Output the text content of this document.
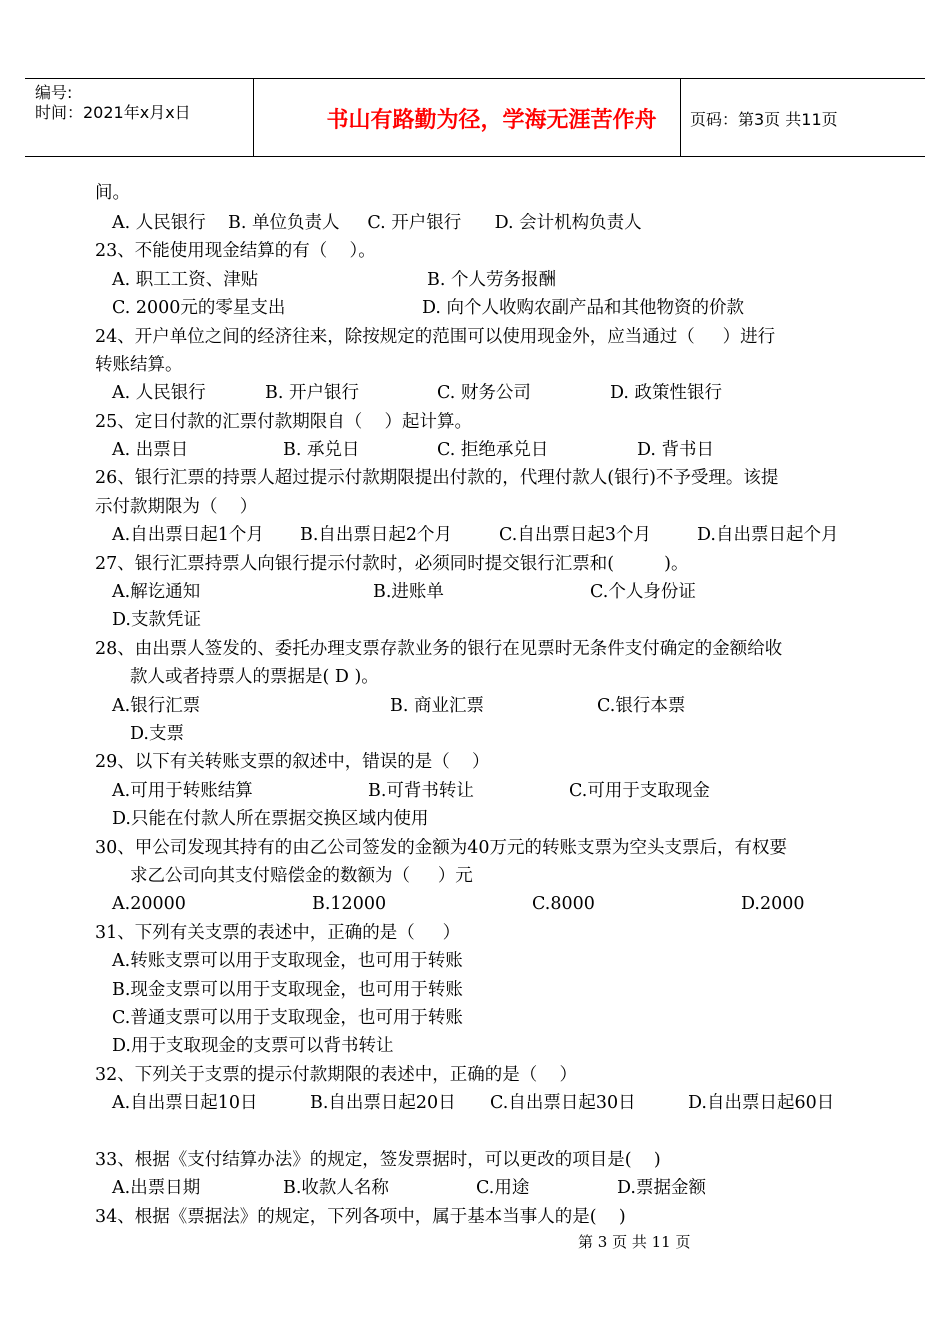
编号:
时间：2021年x月x日	书山有路勤为径，学海无涯苦作舟	页码：第3页 共11页
间。
A. 人民银行    B. 单位负责人     C. 开户银行      D. 会计机构负责人
23、不能使用现金结算的有（    ）。
A. 职工工资、津贴	B. 个人劳务报酬
C. 2000元的零星支出	D. 向个人收购农副产品和其他物资的价款
24、开户单位之间的经济往来，除按规定的范围可以使用现金外，应当通过（     ）进行
转账结算。
A. 人民银行	B. 开户银行	C. 财务公司	D. 政策性银行
25、定日付款的汇票付款期限自（    ）起计算。
A. 出票日	B. 承兑日	C. 拒绝承兑日	D. 背书日
26、银行汇票的持票人超过提示付款期限提出付款的，代理付款人(银行)不予受理。该提
示付款期限为（    ）
A.自出票日起1个月 B.自出票日起2个月	C.自出票日起3个月	D.自出票日起个月
27、银行汇票持票人向银行提示付款时，必须同时提交银行汇票和(         )。
A.解讫通知	B.进账单	C.个人身份证
D.支款凭证
28、由出票人签发的、委托办理支票存款业务的银行在见票时无条件支付确定的金额给收
款人或者持票人的票据是( D )。
A.银行汇票	B. 商业汇票	C.银行本票
D.支票
29、以下有关转账支票的叙述中，错误的是（    ）
A.可用于转账结算	B.可背书转让	C.可用于支取现金
D.只能在付款人所在票据交换区域内使用
30、甲公司发现其持有的由乙公司签发的金额为40万元的转账支票为空头支票后，有权要
求乙公司向其支付赔偿金的数额为（     ）元
A.20000	B.12000	C.8000	D.2000
31、下列有关支票的表述中，正确的是（     ）
A.转账支票可以用于支取现金，也可用于转账
B.现金支票可以用于支取现金，也可用于转账
C.普通支票可以用于支取现金，也可用于转账
D.用于支取现金的支票可以背书转让
32、下列关于支票的提示付款期限的表述中，正确的是（    ）
A.自出票日起10日	B.自出票日起20日 C.自出票日起30日	D.自出票日起60日
33、根据《支付结算办法》的规定，签发票据时，可以更改的项目是(    )
A.出票日期	B.收款人名称	C.用途	D.票据金额
34、根据《票据法》的规定，下列各项中，属于基本当事人的是(    )
第 3 页 共 11 页
